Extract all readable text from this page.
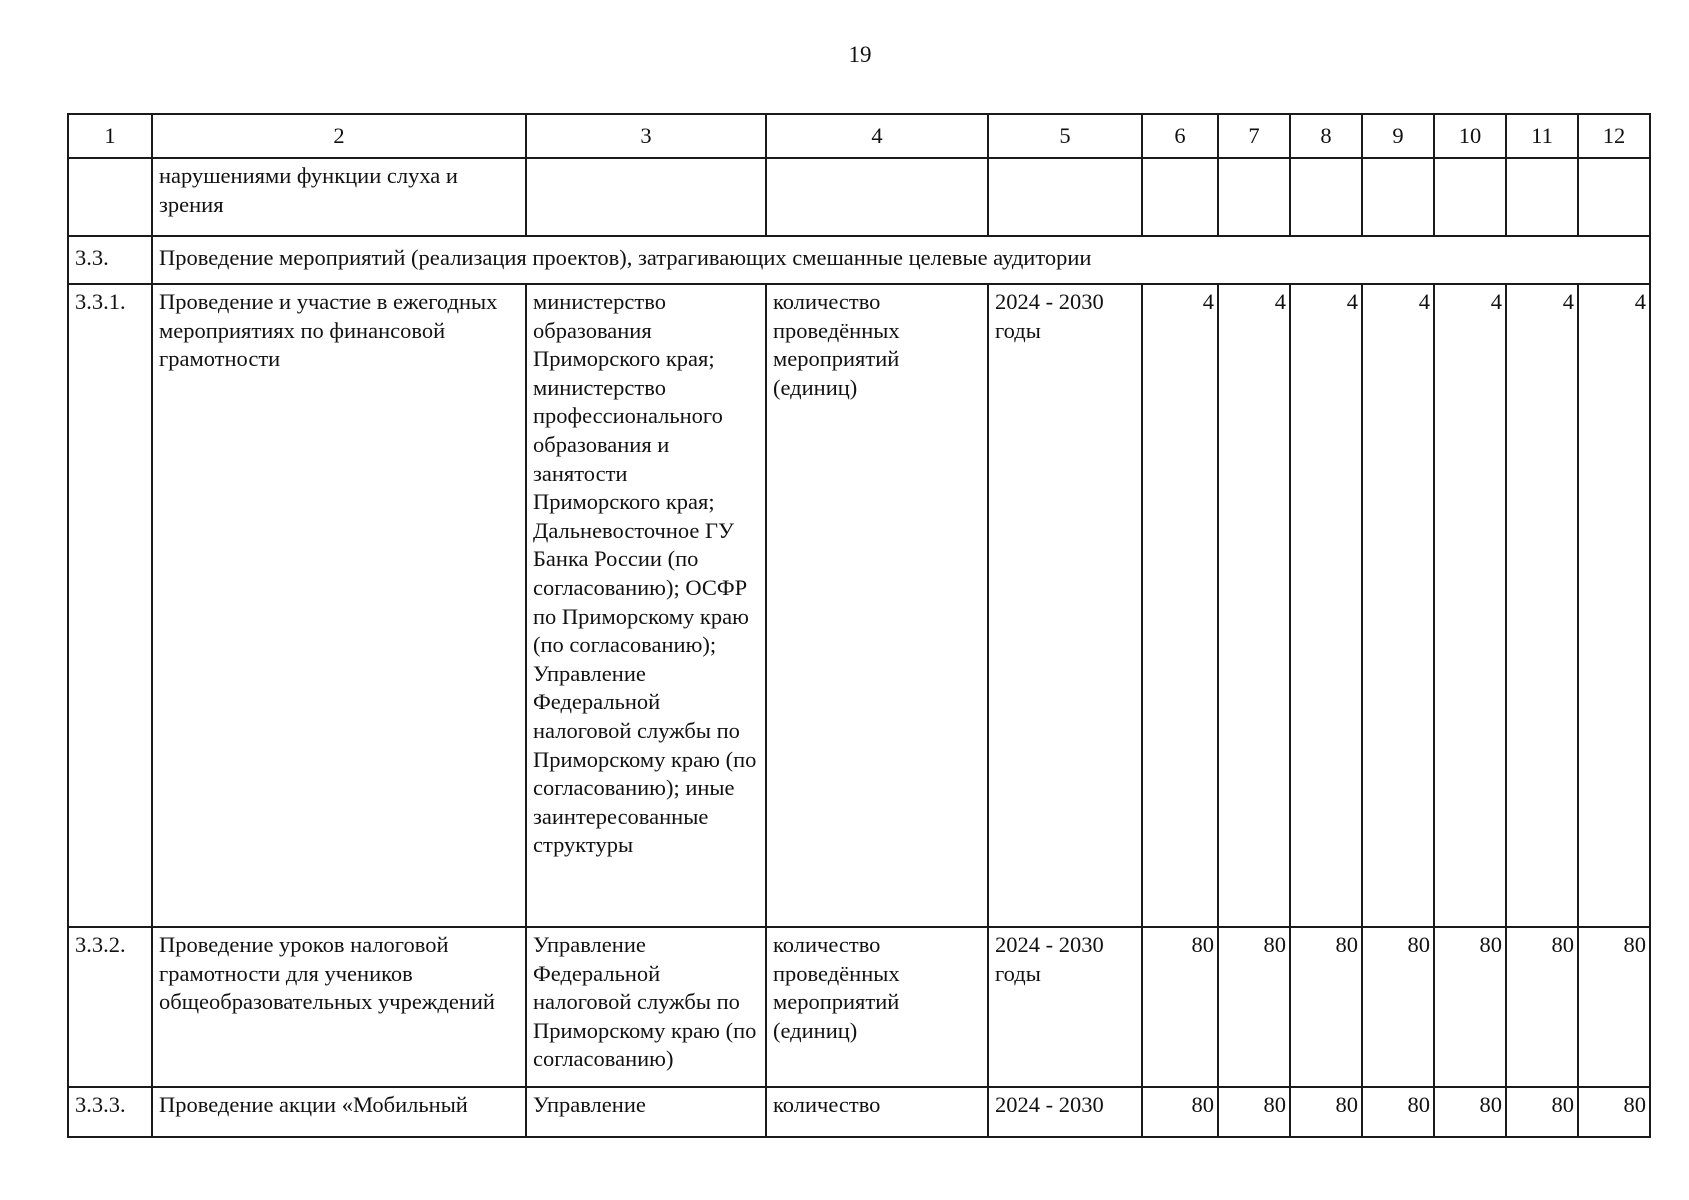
19
1	2	3	4	5	6	7	8	9	10	11	12
	нарушениями функции слуха и зрения										
3.3.	Проведение мероприятий (реализация проектов), затрагивающих смешанные целевые аудитории										
3.3.1.	Проведение и участие в ежегодных мероприятиях по финансовой грамотности	министерство образования Приморского края; министерство профессионального образования и занятости Приморского края; Дальневосточное ГУ Банка России (по согласованию); ОСФР по Приморскому краю (по согласованию); Управление Федеральной налоговой службы по Приморскому краю (по согласованию); иные заинтересованные структуры	количество проведённых мероприятий (единиц)	2024 - 2030 годы	4	4	4	4	4	4	4
3.3.2.	Проведение уроков налоговой грамотности для учеников общеобразовательных учреждений	Управление Федеральной налоговой службы по Приморскому краю (по согласованию)	количество проведённых мероприятий (единиц)	2024 - 2030 годы	80	80	80	80	80	80	80
3.3.3.	Проведение акции «Мобильный	Управление	количество	2024 - 2030	80	80	80	80	80	80	80
